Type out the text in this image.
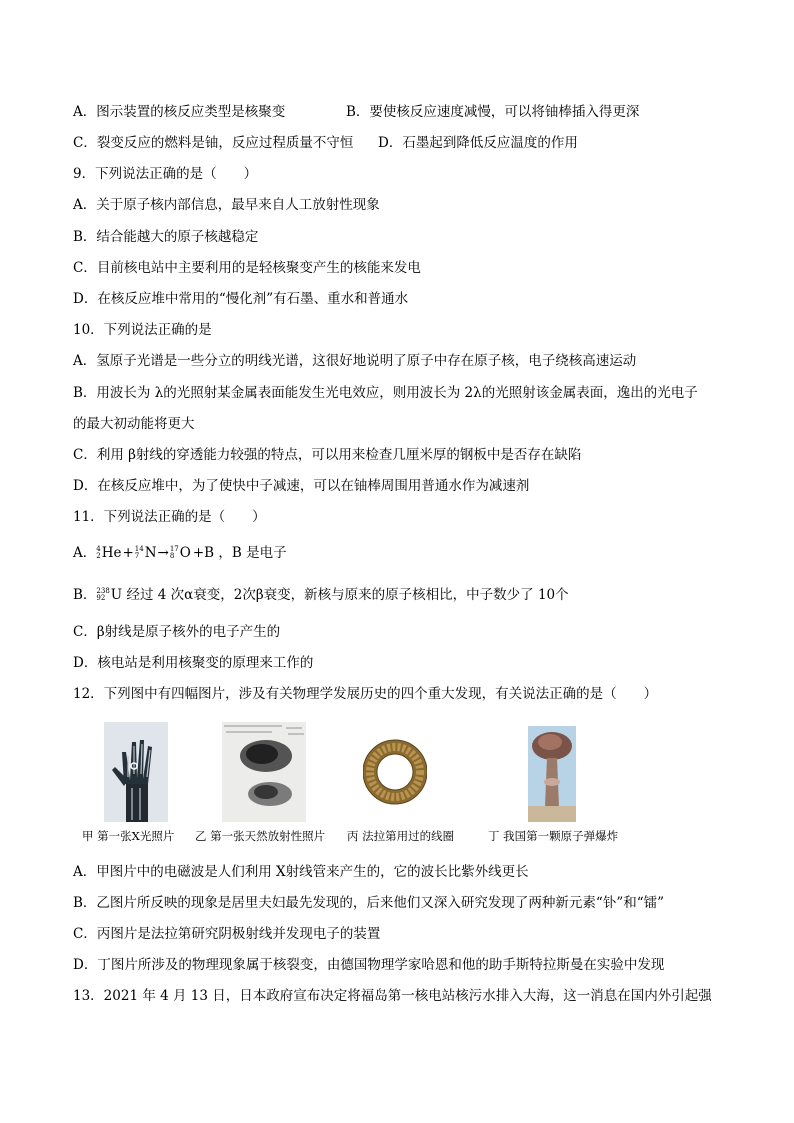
A．图示装置的核反应类型是核聚变	B．要使核反应速度减慢，可以将铀棒插入得更深
C．裂变反应的燃料是铀，反应过程质量不守恒 D．石墨起到降低反应温度的作用
9．下列说法正确的是（　　）
A．关于原子核内部信息，最早来自人工放射性现象
B．结合能越大的原子核越稳定
C．目前核电站中主要利用的是轻核聚变产生的核能来发电
D．在核反应堆中常用的“慢化剂”有石墨、重水和普通水
10．下列说法正确的是
A．氢原子光谱是一些分立的明线光谱，这很好地说明了原子中存在原子核，电子绕核高速运动
B．用波长为 λ的光照射某金属表面能发生光电效应，则用波长为 2λ的光照射该金属表面，逸出的光电子
的最大初动能将更大
C．利用 β射线的穿透能力较强的特点，可以用来检查几厘米厚的钢板中是否存在缺陷
D．在核反应堆中，为了使快中子减速，可以在铀棒周围用普通水作为减速剂
11．下列说法正确的是（　　）
A． 4
2 He + 14
7 N → 17
8 O +B ，B 是电子
B． 238
92 U 经过 4 次α衰变，2次β衰变，新核与原来的原子核相比，中子数少了 10个
C．β射线是原子核外的电子产生的
D．核电站是利用核聚变的原理来工作的
12．下列图中有四幅图片，涉及有关物理学发展历史的四个重大发现，有关说法正确的是（　　）
甲 第一张X光照片 乙 第一张天然放射性照片 丙 法拉第用过的线圈	丁 我国第一颗原子弹爆炸
A．甲图片中的电磁波是人们利用 X射线管来产生的，它的波长比紫外线更长
B．乙图片所反映的现象是居里夫妇最先发现的，后来他们又深入研究发现了两种新元素“钋”和“镭”
C．丙图片是法拉第研究阴极射线并发现电子的装置
D．丁图片所涉及的物理现象属于核裂变，由德国物理学家哈恩和他的助手斯特拉斯曼在实验中发现
13．2021 年 4 月 13 日，日本政府宣布决定将福岛第一核电站核污水排入大海，这一消息在国内外引起强
